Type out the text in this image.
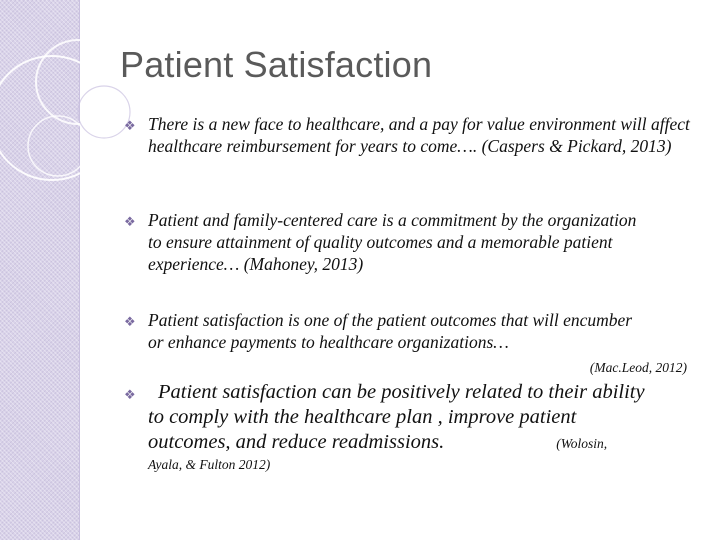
Patient Satisfaction
❖ There is a new face to healthcare, and a pay for value environment will affect healthcare reimbursement for years to come…. (Caspers & Pickard, 2013)

❖ Patient and family-centered care is a commitment by the organization to ensure attainment of quality outcomes and a memorable patient experience… (Mahoney, 2013)

❖ Patient satisfaction is one of the patient outcomes that will encumber or enhance payments to healthcare organizations…

(Mac.Leod, 2012)

❖	Patient satisfaction can be positively related to their ability
to comply with the healthcare plan , improve patient
outcomes, and reduce readmissions.	(Wolosin,
Ayala, & Fulton 2012)
